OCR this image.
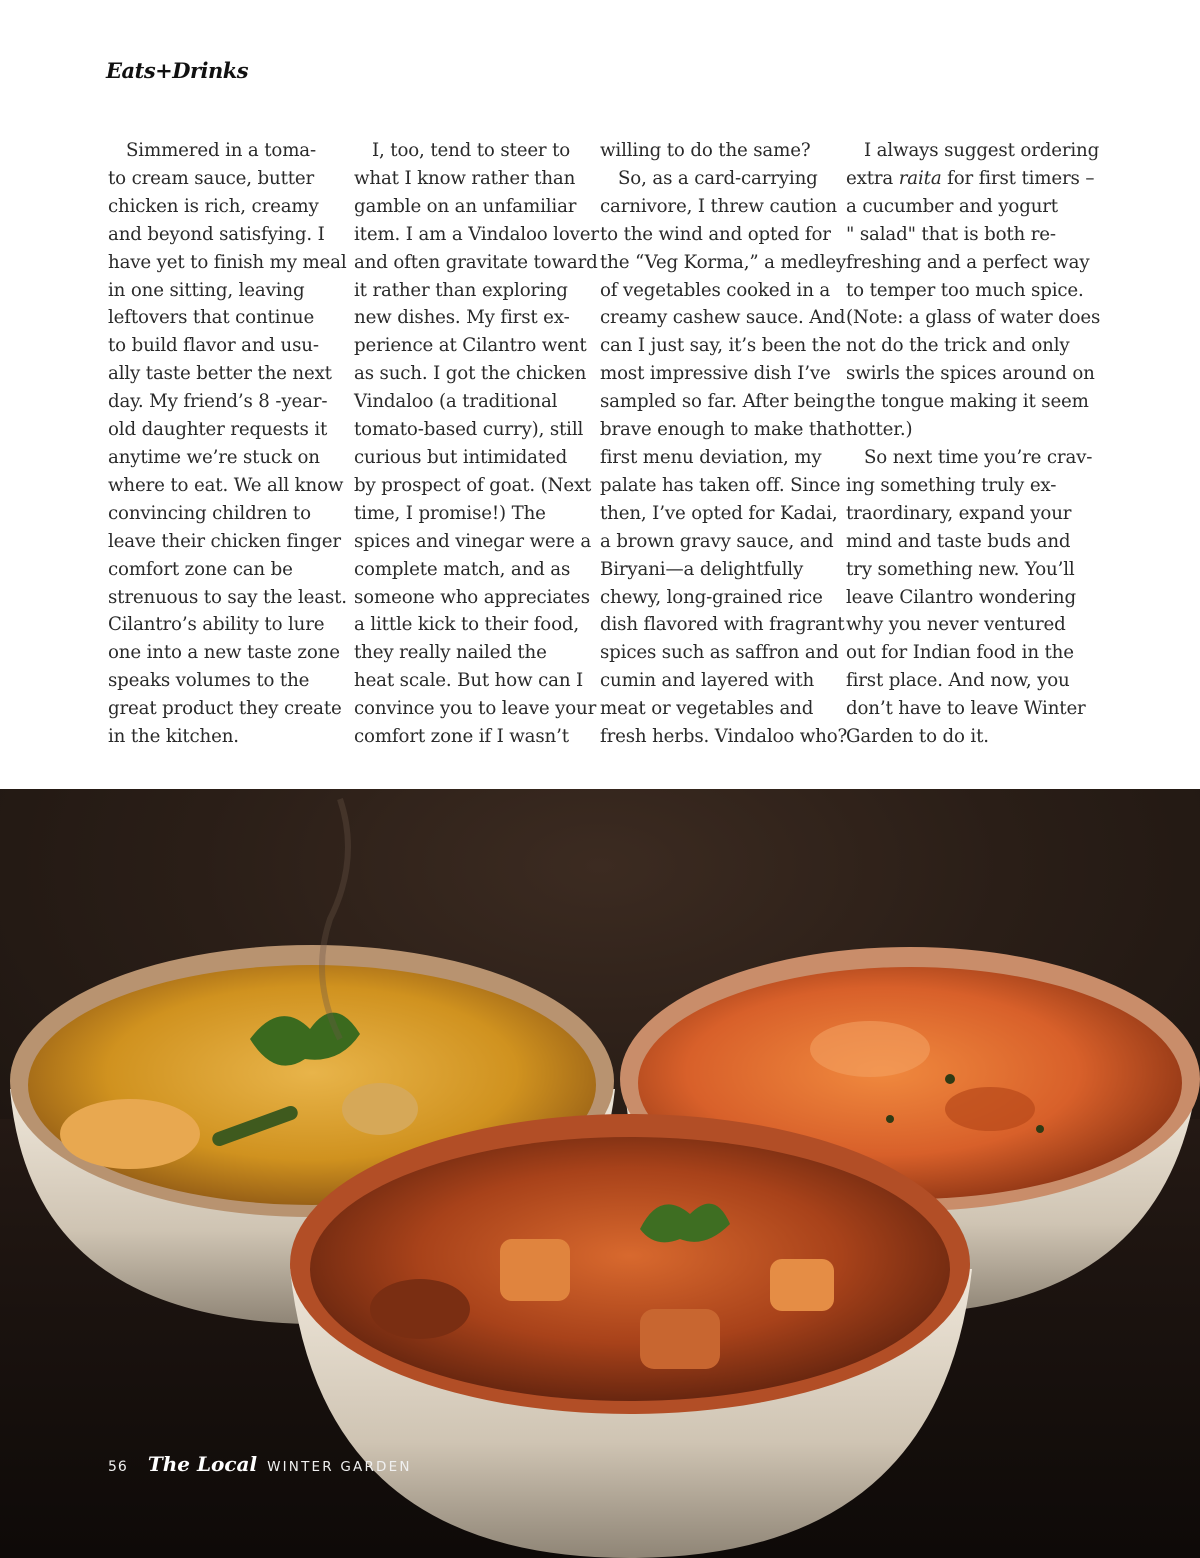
Eats+Drinks

Simmered in a toma-
to cream sauce, butter
chicken is rich, creamy
and beyond satisfying. I
have yet to finish my meal
in one sitting, leaving
leftovers that continue
to build flavor and usu-
ally taste better the next
day. My friend’s 8 -year-
old daughter requests it
anytime we’re stuck on
where to eat. We all know
convincing children to
leave their chicken finger
comfort zone can be
strenuous to say the least.
Cilantro’s ability to lure
one into a new taste zone
speaks volumes to the
great product they create
in the kitchen.

I, too, tend to steer to
what I know rather than
gamble on an unfamiliar
item. I am a Vindaloo lover
and often gravitate toward
it rather than exploring
new dishes. My first ex-
perience at Cilantro went
as such. I got the chicken
Vindaloo (a traditional
tomato-based curry), still
curious but intimidated
by prospect of goat. (Next
time, I promise!) The
spices and vinegar were a
complete match, and as
someone who appreciates
a little kick to their food,
they really nailed the
heat scale. But how can I
convince you to leave your
comfort zone if I wasn’t

willing to do the same?
So, as a card-carrying
carnivore, I threw caution
to the wind and opted for
the “Veg Korma,” a medley
of vegetables cooked in a
creamy cashew sauce. And
can I just say, it’s been the
most impressive dish I’ve
sampled so far. After being
brave enough to make that
first menu deviation, my
palate has taken off. Since
then, I’ve opted for Kadai,
a brown gravy sauce, and
Biryani—a delightfully
chewy, long-grained rice
dish flavored with fragrant
spices such as saffron and
cumin and layered with
meat or vegetables and
fresh herbs. Vindaloo who?

I always suggest ordering
extra raita for first timers –
a cucumber and yogurt
" salad" that is both re-
freshing and a perfect way
to temper too much spice.
(Note: a glass of water does
not do the trick and only
swirls the spices around on
the tongue making it seem
hotter.)
So next time you’re crav-
ing something truly ex-
traordinary, expand your
mind and taste buds and
try something new. You’ll
leave Cilantro wondering
why you never ventured
out for Indian food in the
first place. And now, you
don’t have to leave Winter
Garden to do it.

56 The Local WINTER GARDEN
